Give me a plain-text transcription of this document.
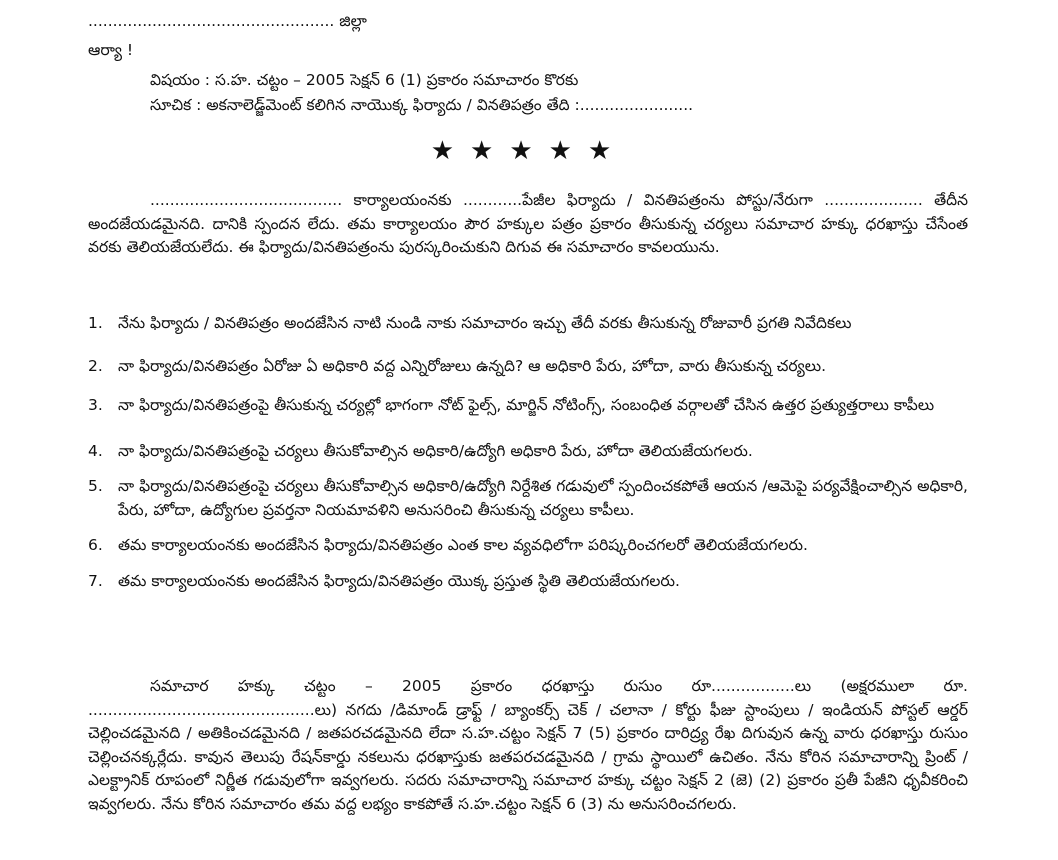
.................................................. జిల్లా
ఆర్యా !
విషయం : స.హ. చట్టం – 2005 సెక్షన్ 6 (1) ప్రకారం సమాచారం కొరకు
సూచిక : అకనాలెడ్జ్‌మెంట్ కలిగిన నాయొక్క ఫిర్యాదు / వినతిపత్రం తేది :.......................
★★★★★
....................................... కార్యాలయంనకు ............పేజీల ఫిర్యాదు / వినతిపత్రంను పోస్టు/నేరుగా .................... తేదీన అందజేయడమైనది. దానికి స్పందన లేదు. తమ కార్యాలయం పౌర హక్కుల పత్రం ప్రకారం తీసుకున్న చర్యలు సమాచార హక్కు ధరఖాస్తు చేసేంత వరకు తెలియజేయలేదు. ఈ ఫిర్యాదు/వినతిపత్రంను పురస్కరించుకుని దిగువ ఈ సమాచారం కావలయును.
1. నేను ఫిర్యాదు / వినతిపత్రం అందజేసిన నాటి నుండి నాకు సమాచారం ఇచ్చు తేదీ వరకు తీసుకున్న రోజువారీ ప్రగతి నివేదికలు
2. నా ఫిర్యాదు/వినతిపత్రం ఏరోజు ఏ అధికారి వద్ద ఎన్నిరోజులు ఉన్నది? ఆ అధికారి పేరు, హోదా, వారు తీసుకున్న చర్యలు.
3. నా ఫిర్యాదు/వినతిపత్రంపై తీసుకున్న చర్యల్లో భాగంగా నోట్ ఫైల్స్, మార్జిన్ నోటింగ్స్, సంబంధిత వర్గాలతో చేసిన ఉత్తర ప్రత్యుత్తరాలు కాపీలు
4. నా ఫిర్యాదు/వినతిపత్రంపై చర్యలు తీసుకోవాల్సిన అధికారి/ఉద్యోగి అధికారి పేరు, హోదా తెలియజేయగలరు.
5. నా ఫిర్యాదు/వినతిపత్రంపై చర్యలు తీసుకోవాల్సిన అధికారి/ఉద్యోగి నిర్దేశిత గడువులో స్పందించకపోతే ఆయన /ఆమెపై పర్యవేక్షించాల్సిన అధికారి, పేరు, హోదా, ఉద్యోగుల ప్రవర్తనా నియమావళిని అనుసరించి తీసుకున్న చర్యలు కాపీలు.
6. తమ కార్యాలయంనకు అందజేసిన ఫిర్యాదు/వినతిపత్రం ఎంత కాల వ్యవధిలోగా పరిష్కరించగలరో తెలియజేయగలరు.
7. తమ కార్యాలయంనకు అందజేసిన ఫిర్యాదు/వినతిపత్రం యొక్క ప్రస్తుత స్థితి తెలియజేయగలరు.
సమాచార హక్కు చట్టం – 2005 ప్రకారం ధరఖాస్తు రుసుం రూ.................లు (అక్షరములా రూ. ..............................................లు) నగదు /డిమాండ్ డ్రాఫ్ట్ / బ్యాంకర్స్ చెక్ / చలానా / కోర్టు ఫీజు స్టాంపులు / ఇండియన్ పోస్టల్ ఆర్డర్ చెల్లించడమైనది / అతికించడమైనది / జతపరచడమైనది లేదా స.హ.చట్టం సెక్షన్ 7 (5) ప్రకారం దారిద్ర్య రేఖ దిగువున ఉన్న వారు ధరఖాస్తు రుసుం చెల్లించనక్కర్లేదు. కావున తెలుపు రేషన్‌కార్డు నకలును ధరఖాస్తుకు జతపరచడమైనది / గ్రామ స్థాయిలో ఉచితం. నేను కోరిన సమాచారాన్ని ప్రింట్ / ఎలక్ట్రానిక్ రూపంలో నిర్ణీత గడువులోగా ఇవ్వగలరు. సదరు సమాచారాన్ని సమాచార హక్కు చట్టం సెక్షన్ 2 (జె) (2) ప్రకారం ప్రతీ పేజీని ధృవీకరించి ఇవ్వగలరు. నేను కోరిన సమాచారం తమ వద్ద లభ్యం కాకపోతే స.హ.చట్టం సెక్షన్ 6 (3) ను అనుసరించగలరు.
